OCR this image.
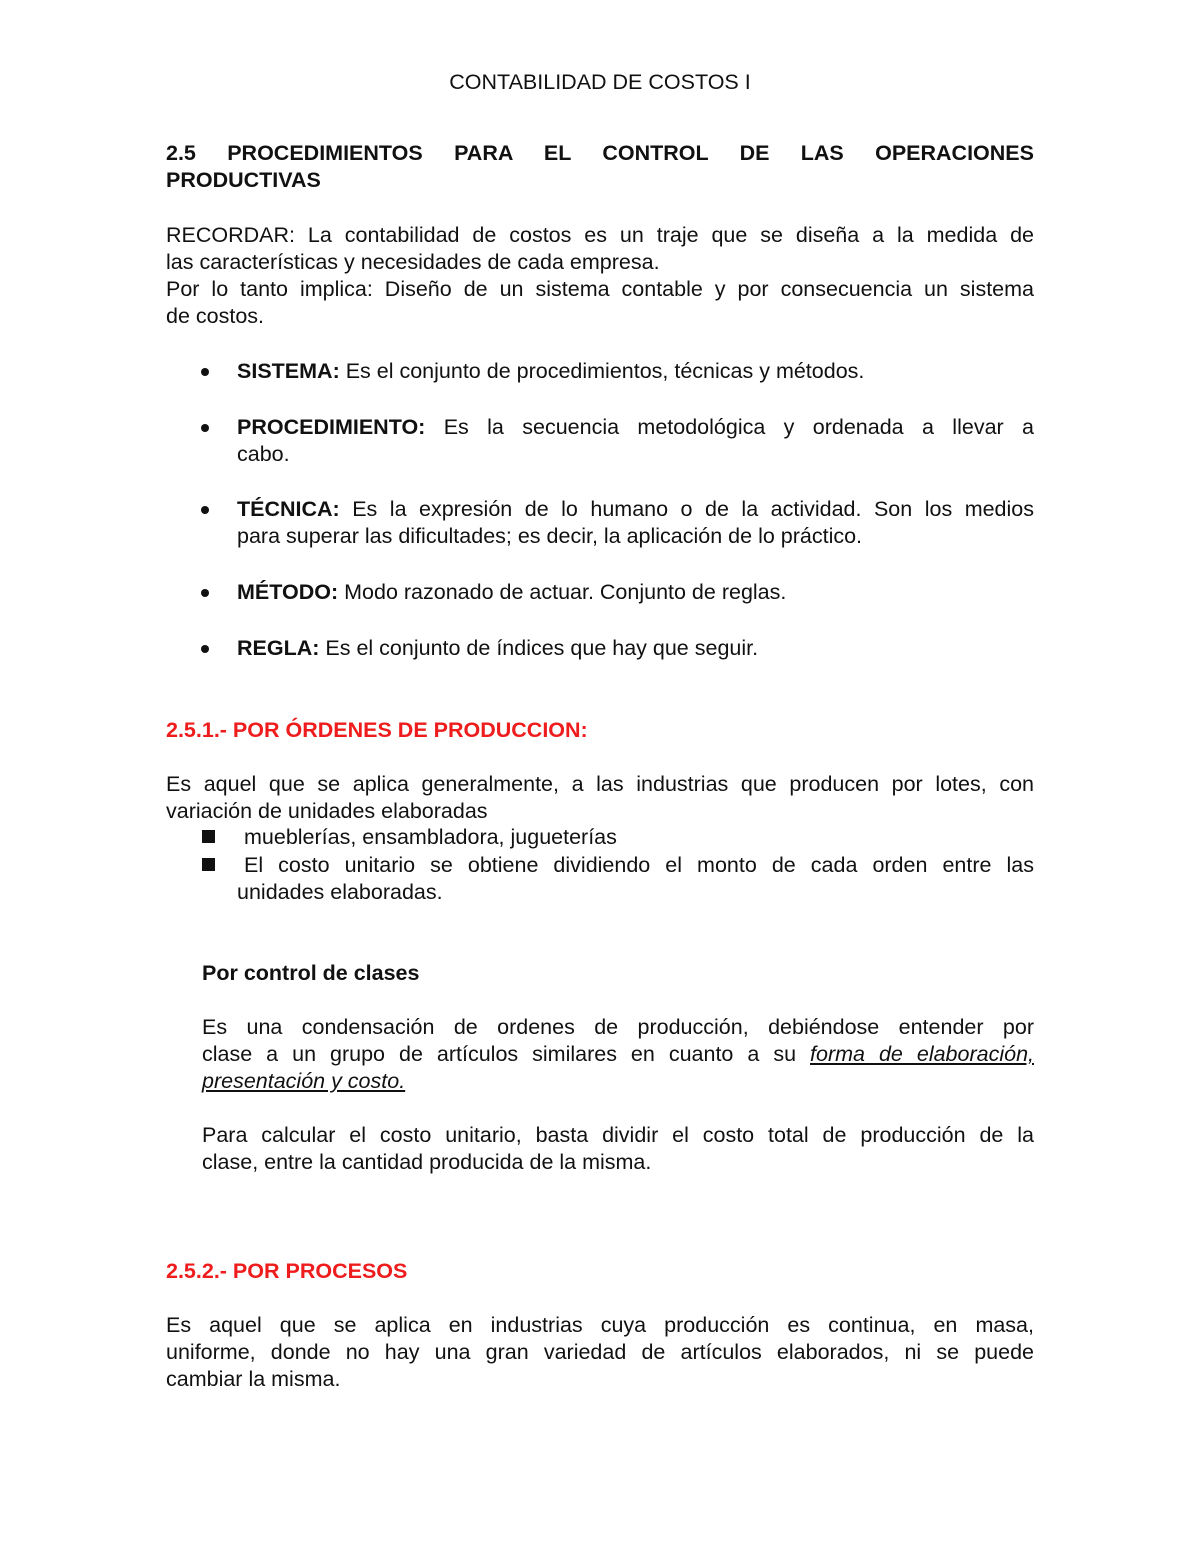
CONTABILIDAD DE COSTOS I
2.5 PROCEDIMIENTOS PARA EL CONTROL DE LAS OPERACIONES
PRODUCTIVAS
RECORDAR: La contabilidad de costos es un traje que se diseña a la medida de
las características y necesidades de cada empresa.
Por lo tanto implica: Diseño de un sistema contable y por consecuencia un sistema
de costos.
SISTEMA: Es el conjunto de procedimientos, técnicas y métodos.
PROCEDIMIENTO: Es la secuencia metodológica y ordenada a llevar a
cabo.
TÉCNICA: Es la expresión de lo humano o de la actividad. Son los medios
para superar las dificultades; es decir, la aplicación de lo práctico.
MÉTODO: Modo razonado de actuar. Conjunto de reglas.
REGLA: Es el conjunto de índices que hay que seguir.
2.5.1.- POR ÓRDENES DE PRODUCCION:
Es aquel que se aplica generalmente, a las industrias que producen por lotes, con
variación de unidades elaboradas
mueblerías, ensambladora, jugueterías
El costo unitario se obtiene dividiendo el monto de cada orden entre las
unidades elaboradas.
Por control de clases
Es una condensación de ordenes de producción, debiéndose entender por
clase a un grupo de artículos similares en cuanto a su forma de elaboración,
presentación y costo.
Para calcular el costo unitario, basta dividir el costo total de producción de la
clase, entre la cantidad producida de la misma.
2.5.2.- POR PROCESOS
Es aquel que se aplica en industrias cuya producción es continua, en masa,
uniforme, donde no hay una gran variedad de artículos elaborados, ni se puede
cambiar la misma.
